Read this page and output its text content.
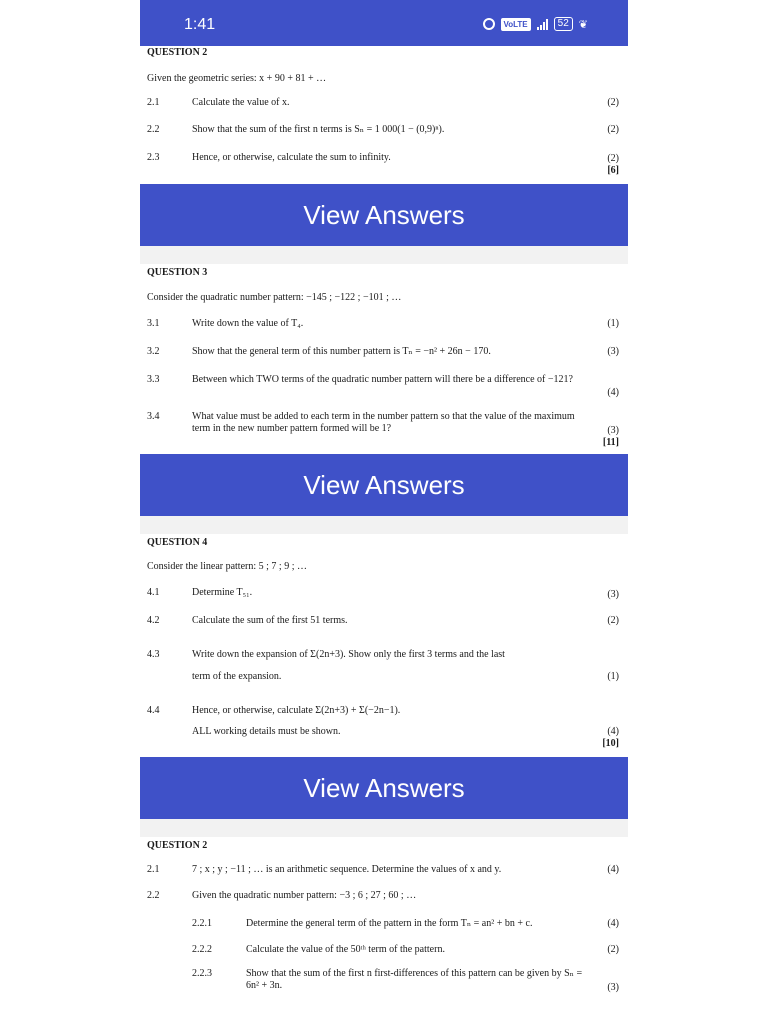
1:41	VoLTE	52 ❦
QUESTION 2
Given the geometric series: x + 90 + 81 + …
2.1	Calculate the value of x.	(2)
2.2	Show that the sum of the first n terms is Sₙ = 1 000(1 − (0,9)ⁿ).	(2)
2.3	Hence, or otherwise, calculate the sum to infinity.	(2)
[6]
View Answers
QUESTION 3
Consider the quadratic number pattern: −145 ; −122 ; −101 ; …
3.1	Write down the value of T₄.	(1)
3.2	Show that the general term of this number pattern is Tₙ = −n² + 26n − 170.	(3)
3.3	Between which TWO terms of the quadratic number pattern will there be a difference of −121?
(4)
3.4	What value must be added to each term in the number pattern so that the value of the maximum term in the new number pattern formed will be 1?	(3)
[11]
View Answers
QUESTION 4
Consider the linear pattern: 5 ; 7 ; 9 ; …
4.1	Determine T₅₁.	(3)
4.2	Calculate the sum of the first 51 terms.	(2)
4.3	Write down the expansion of Σ(2n+3). Show only the first 3 terms and the last
term of the expansion.	(1)
4.4	Hence, or otherwise, calculate Σ(2n+3) + Σ(−2n−1).
ALL working details must be shown.	(4)
[10]
View Answers
QUESTION 2
2.1	7 ; x ; y ; −11 ; … is an arithmetic sequence. Determine the values of x and y.	(4)
2.2	Given the quadratic number pattern: −3 ; 6 ; 27 ; 60 ; …
2.2.1	Determine the general term of the pattern in the form Tₙ = an² + bn + c.	(4)
2.2.2	Calculate the value of the 50ᵗʰ term of the pattern.	(2)
2.2.3	Show that the sum of the first n first-differences of this pattern can be given by Sₙ = 6n² + 3n.	(3)
